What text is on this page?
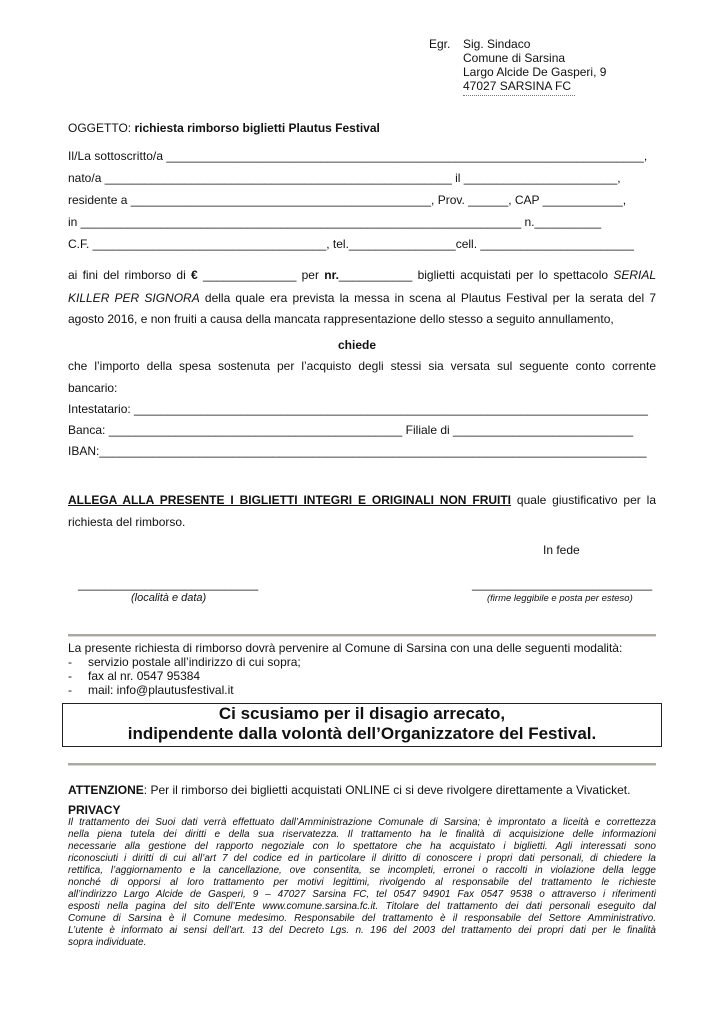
Egr. Sig. Sindaco
Comune di Sarsina
Largo Alcide De Gasperi, 9
47027 SARSINA FC
OGGETTO: richiesta rimborso biglietti Plautus Festival
Il/La sottoscritto/a _______________________________________________________________________,
nato/a ____________________________________________________ il _______________________,
residente a _____________________________________________, Prov. ______, CAP ____________,
in __________________________________________________________________ n.__________
C.F. ___________________________________, tel.________________cell. _______________________
ai fini del rimborso di € ______________ per nr.___________ biglietti acquistati per lo spettacolo SERIAL
KILLER PER SIGNORA della quale era prevista la messa in scena al Plautus Festival per la serata del 7
agosto 2016, e non fruiti a causa della mancata rappresentazione dello stesso a seguito annullamento,
chiede
che l’importo della spesa sostenuta per l’acquisto degli stessi sia versata sul seguente conto corrente
bancario:
Intestatario: _____________________________________________________________________________
Banca: ____________________________________________ Filiale di ___________________________
IBAN:__________________________________________________________________________________
ALLEGA ALLA PRESENTE I BIGLIETTI INTEGRI E ORIGINALI NON FRUITI quale giustificativo per la
richiesta del rimborso.
In fede
___________________________
(località e data)
___________________________
(firme leggibile e posta per esteso)
La presente richiesta di rimborso dovrà pervenire al Comune di Sarsina con una delle seguenti modalità:
- servizio postale all’indirizzo di cui sopra;
- fax al nr. 0547 95384
- mail: info@plautusfestival.it
Ci scusiamo per il disagio arrecato,
indipendente dalla volontà dell’Organizzatore del Festival.
ATTENZIONE: Per il rimborso dei biglietti acquistati ONLINE ci si deve rivolgere direttamente a Vivaticket.
PRIVACY
Il trattamento dei Suoi dati verrà effettuato dall’Amministrazione Comunale di Sarsina; è improntato a liceità e correttezza
nella piena tutela dei diritti e della sua riservatezza. Il trattamento ha le finalità di acquisizione delle informazioni
necessarie alla gestione del rapporto negoziale con lo spettatore che ha acquistato i biglietti. Agli interessati sono
riconosciuti i diritti di cui all’art 7 del codice ed in particolare il diritto di conoscere i propri dati personali, di chiedere la
rettifica, l’aggiornamento e la cancellazione, ove consentita, se incompleti, erronei o raccolti in violazione della legge
nonché di opporsi al loro trattamento per motivi legittimi, rivolgendo al responsabile del trattamento le richieste
all’indirizzo Largo Alcide de Gasperi, 9 – 47027 Sarsina FC, tel 0547 94901 Fax 0547 9538 o attraverso i riferimenti
esposti nella pagina del sito dell’Ente www.comune.sarsina.fc.it. Titolare del trattamento dei dati personali eseguito dal
Comune di Sarsina è il Comune medesimo. Responsabile del trattamento è il responsabile del Settore Amministrativo.
L’utente è informato ai sensi dell’art. 13 del Decreto Lgs. n. 196 del 2003 del trattamento dei propri dati per le finalità
sopra individuate.
